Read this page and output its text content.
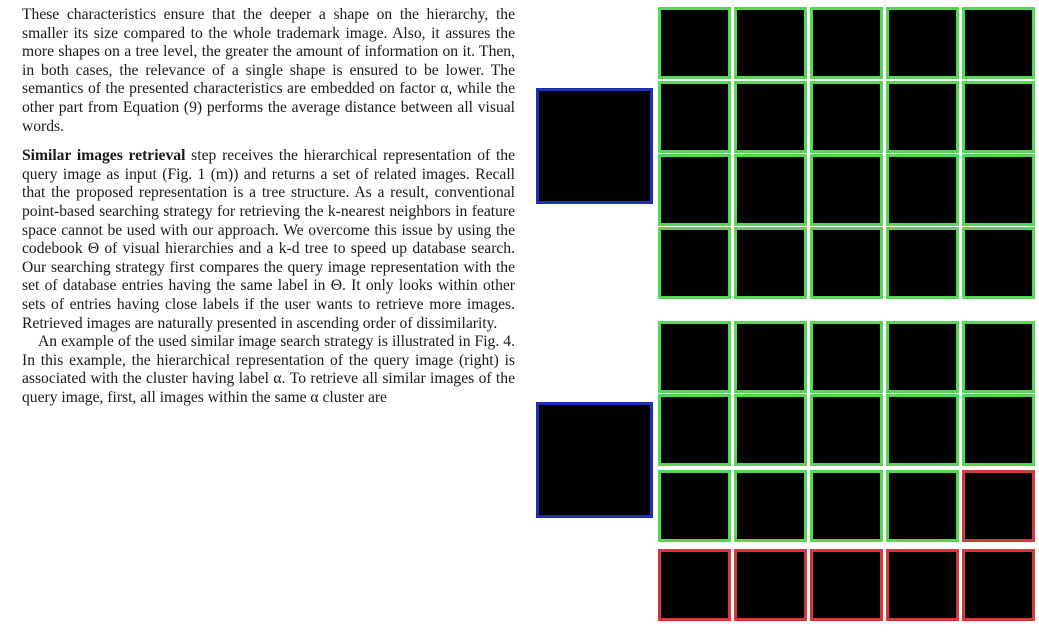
These characteristics ensure that the deeper a shape on the hierarchy, the smaller its size compared to the whole trademark image. Also, it assures the more shapes on a tree level, the greater the amount of information on it. Then, in both cases, the relevance of a single shape is ensured to be lower. The semantics of the presented characteristics are embedded on factor α, while the other part from Equation (9) performs the average distance between all visual words.

Similar images retrieval step receives the hierarchical representation of the query image as input (Fig. 1 (m)) and returns a set of related images. Recall that the proposed representation is a tree structure. As a result, conventional point-based searching strategy for retrieving the k-nearest neighbors in feature space cannot be used with our approach. We overcome this issue by using the codebook Θ of visual hierarchies and a k-d tree to speed up database search. Our searching strategy first compares the query image representation with the set of database entries having the same label in Θ. It only looks within other sets of entries having close labels if the user wants to retrieve more images. Retrieved images are naturally presented in ascending order of dissimilarity.

An example of the used similar image search strategy is illustrated in Fig. 4. In this example, the hierarchical representation of the query image (right) is associated with the cluster having label α. To retrieve all similar images of the query image, first, all images within the same α cluster are
